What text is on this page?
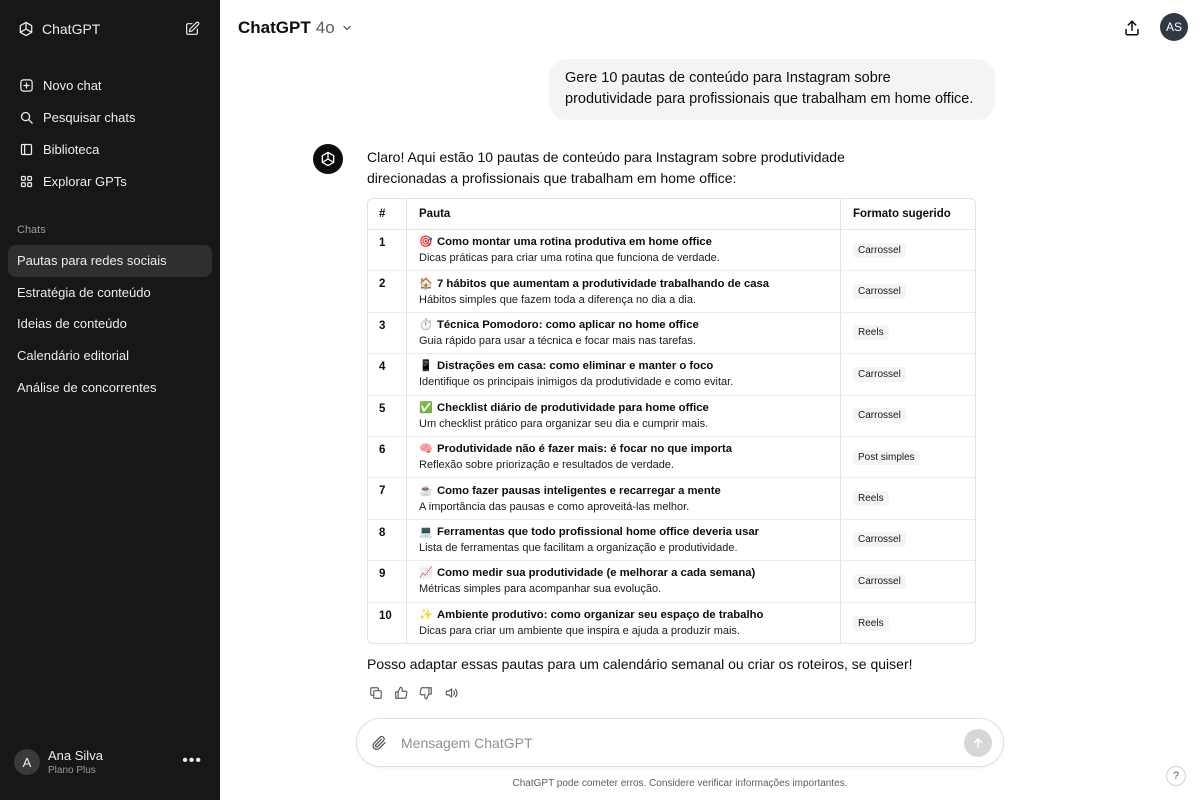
ChatGPT
Novo chat
Pesquisar chats
Biblioteca
Explorar GPTs
Chats
Pautas para redes sociais
Estratégia de conteúdo
Ideias de conteúdo
Calendário editorial
Análise de concorrentes
A	Ana Silva
Plano Plus
•••
ChatGPT 4o	AS
Gere 10 pautas de conteúdo para Instagram sobre produtividade para profissionais que trabalham em home office.
Claro! Aqui estão 10 pautas de conteúdo para Instagram sobre produtividade direcionadas a profissionais que trabalham em home office:
#	Pauta	Formato sugerido
1	🎯 Como montar uma rotina produtiva em home office
Dicas práticas para criar uma rotina que funciona de verdade.
Carrossel
2	🏠 7 hábitos que aumentam a produtividade trabalhando de casa
Hábitos simples que fazem toda a diferença no dia a dia.
Carrossel
3	⏱️ Técnica Pomodoro: como aplicar no home office
Guia rápido para usar a técnica e focar mais nas tarefas.
Reels
4	📱 Distrações em casa: como eliminar e manter o foco
Identifique os principais inimigos da produtividade e como evitar.
Carrossel
5	✅ Checklist diário de produtividade para home office
Um checklist prático para organizar seu dia e cumprir mais.
Carrossel
6	🧠 Produtividade não é fazer mais: é focar no que importa
Reflexão sobre priorização e resultados de verdade.
Post simples
7	☕ Como fazer pausas inteligentes e recarregar a mente
A importância das pausas e como aproveitá-las melhor.
Reels
8	💻 Ferramentas que todo profissional home office deveria usar
Lista de ferramentas que facilitam a organização e produtividade.
Carrossel
9	📈 Como medir sua produtividade (e melhorar a cada semana)
Métricas simples para acompanhar sua evolução.
Carrossel
10	✨ Ambiente produtivo: como organizar seu espaço de trabalho
Dicas para criar um ambiente que inspira e ajuda a produzir mais.
Reels
Posso adaptar essas pautas para um calendário semanal ou criar os roteiros, se quiser!
Mensagem ChatGPT
ChatGPT pode cometer erros. Considere verificar informações importantes.
?
